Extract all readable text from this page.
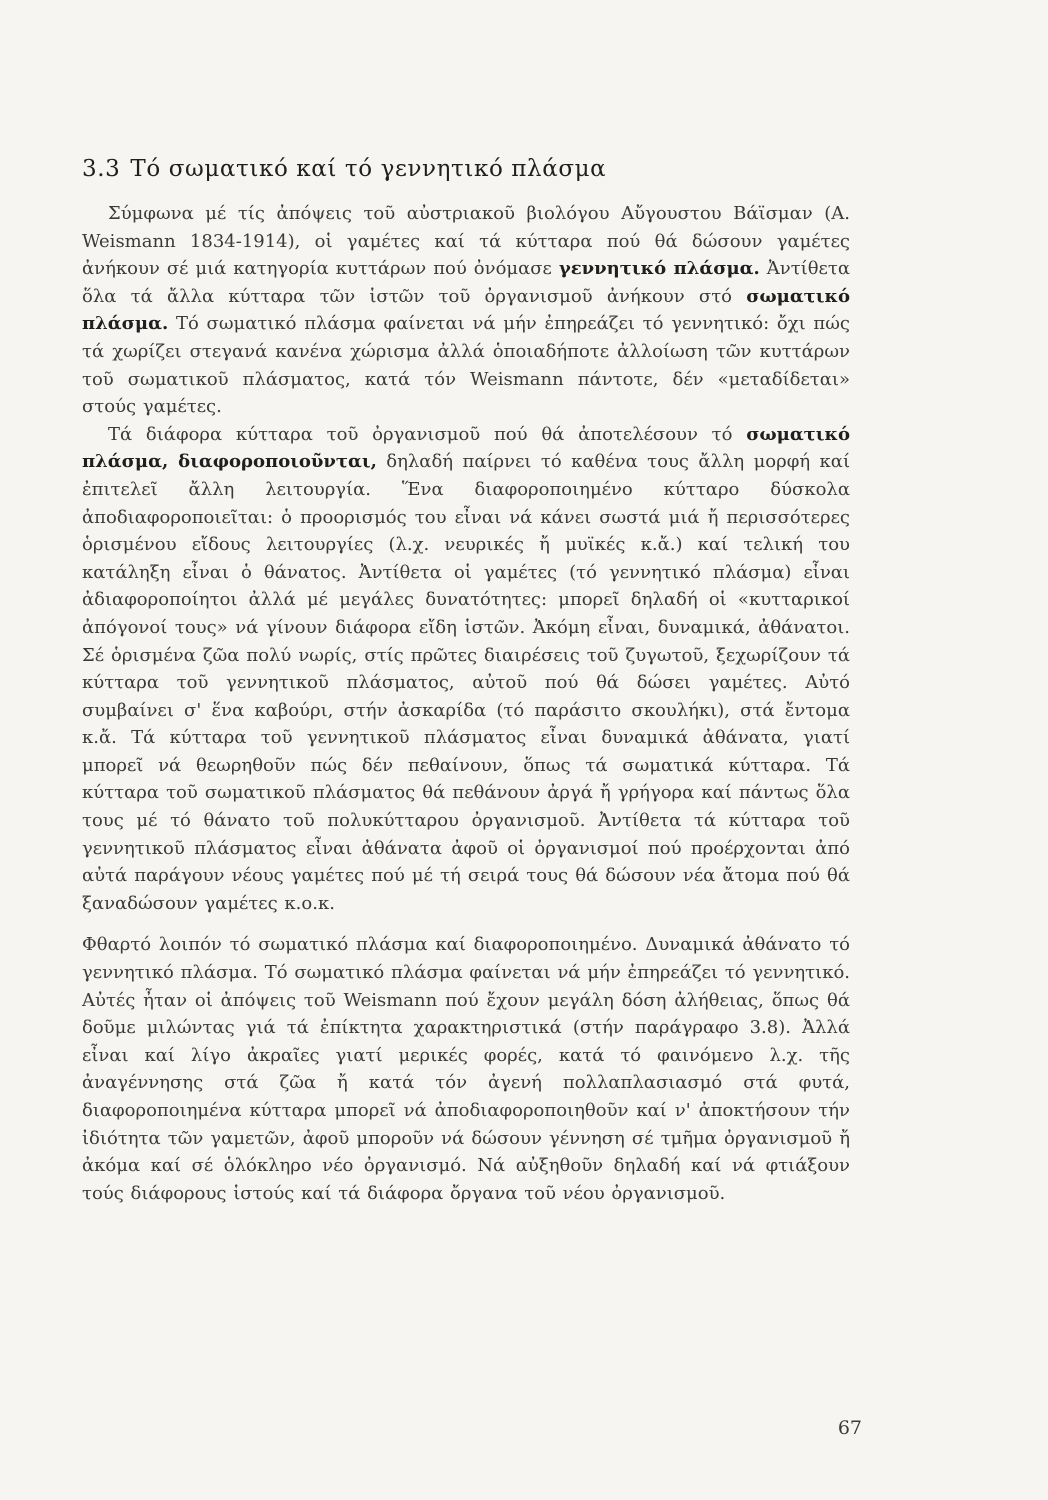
3.3 Τό σωματικό καί τό γεννητικό πλάσμα

Σύμφωνα μέ τίς ἀπόψεις τοῦ αὐστριακοῦ βιολόγου Αὔγουστου Βάϊσμαν (A. Weismann 1834-1914), οἱ γαμέτες καί τά κύτταρα πού θά δώσουν γαμέτες ἀνήκουν σέ μιά κατηγορία κυττάρων πού ὀνόμασε γεννητικό πλάσμα. Ἀντίθετα ὅλα τά ἄλλα κύτταρα τῶν ἱστῶν τοῦ ὀργανισμοῦ ἀνήκουν στό σωματικό πλάσμα. Τό σωματικό πλάσμα φαίνεται νά μήν ἐπηρεάζει τό γεννητικό: ὄχι πώς τά χωρίζει στεγανά κανένα χώρισμα ἀλλά ὁποιαδήποτε ἀλλοίωση τῶν κυττάρων τοῦ σωματικοῦ πλάσματος, κατά τόν Weismann πάντοτε, δέν «μεταδίδεται» στούς γαμέτες.

Τά διάφορα κύτταρα τοῦ ὀργανισμοῦ πού θά ἀποτελέσουν τό σωματικό πλάσμα, διαφοροποιοῦνται, δηλαδή παίρνει τό καθένα τους ἄλλη μορφή καί ἐπιτελεῖ ἄλλη λειτουργία. Ἕνα διαφοροποιημένο κύτταρο δύσκολα ἀποδιαφοροποιεῖται: ὁ προορισμός του εἶναι νά κάνει σωστά μιά ἤ περισσότερες ὁρισμένου εἴδους λειτουργίες (λ.χ. νευρικές ἤ μυϊκές κ.ἄ.) καί τελική του κατάληξη εἶναι ὁ θάνατος. Ἀντίθετα οἱ γαμέτες (τό γεννητικό πλάσμα) εἶναι ἀδιαφοροποίητοι ἀλλά μέ μεγάλες δυνατότητες: μπορεῖ δηλαδή οἱ «κυτταρικοί ἀπόγονοί τους» νά γίνουν διάφορα εἴδη ἱστῶν. Ἀκόμη εἶναι, δυναμικά, ἀθάνατοι. Σέ ὁρισμένα ζῶα πολύ νωρίς, στίς πρῶτες διαιρέσεις τοῦ ζυγωτοῦ, ξεχωρίζουν τά κύτταρα τοῦ γεννητικοῦ πλάσματος, αὐτοῦ πού θά δώσει γαμέτες. Αὐτό συμβαίνει σ' ἕνα καβούρι, στήν ἀσκαρίδα (τό παράσιτο σκουλήκι), στά ἔντομα κ.ἄ. Τά κύτταρα τοῦ γεννητικοῦ πλάσματος εἶναι δυναμικά ἀθάνατα, γιατί μπορεῖ νά θεωρηθοῦν πώς δέν πεθαίνουν, ὅπως τά σωματικά κύτταρα. Τά κύτταρα τοῦ σωματικοῦ πλάσματος θά πεθάνουν ἀργά ἤ γρήγορα καί πάντως ὅλα τους μέ τό θάνατο τοῦ πολυκύτταρου ὀργανισμοῦ. Ἀντίθετα τά κύτταρα τοῦ γεννητικοῦ πλάσματος εἶναι ἀθάνατα ἀφοῦ οἱ ὀργανισμοί πού προέρχονται ἀπό αὐτά παράγουν νέους γαμέτες πού μέ τή σειρά τους θά δώσουν νέα ἄτομα πού θά ξαναδώσουν γαμέτες κ.ο.κ.

Φθαρτό λοιπόν τό σωματικό πλάσμα καί διαφοροποιημένο. Δυναμικά ἀθάνατο τό γεννητικό πλάσμα. Τό σωματικό πλάσμα φαίνεται νά μήν ἐπηρεάζει τό γεννητικό. Αὐτές ἦταν οἱ ἀπόψεις τοῦ Weismann πού ἔχουν μεγάλη δόση ἀλήθειας, ὅπως θά δοῦμε μιλώντας γιά τά ἐπίκτητα χαρακτηριστικά (στήν παράγραφο 3.8). Ἀλλά εἶναι καί λίγο ἀκραῖες γιατί μερικές φορές, κατά τό φαινόμενο λ.χ. τῆς ἀναγέννησης στά ζῶα ἤ κατά τόν ἀγενή πολλαπλασιασμό στά φυτά, διαφοροποιημένα κύτταρα μπορεῖ νά ἀποδιαφοροποιηθοῦν καί ν' ἀποκτήσουν τήν ἰδιότητα τῶν γαμετῶν, ἀφοῦ μποροῦν νά δώσουν γέννηση σέ τμῆμα ὀργανισμοῦ ἤ ἀκόμα καί σέ ὁλόκληρο νέο ὀργανισμό. Νά αὐξηθοῦν δηλαδή καί νά φτιάξουν τούς διάφορους ἱστούς καί τά διάφορα ὄργανα τοῦ νέου ὀργανισμοῦ.

67
